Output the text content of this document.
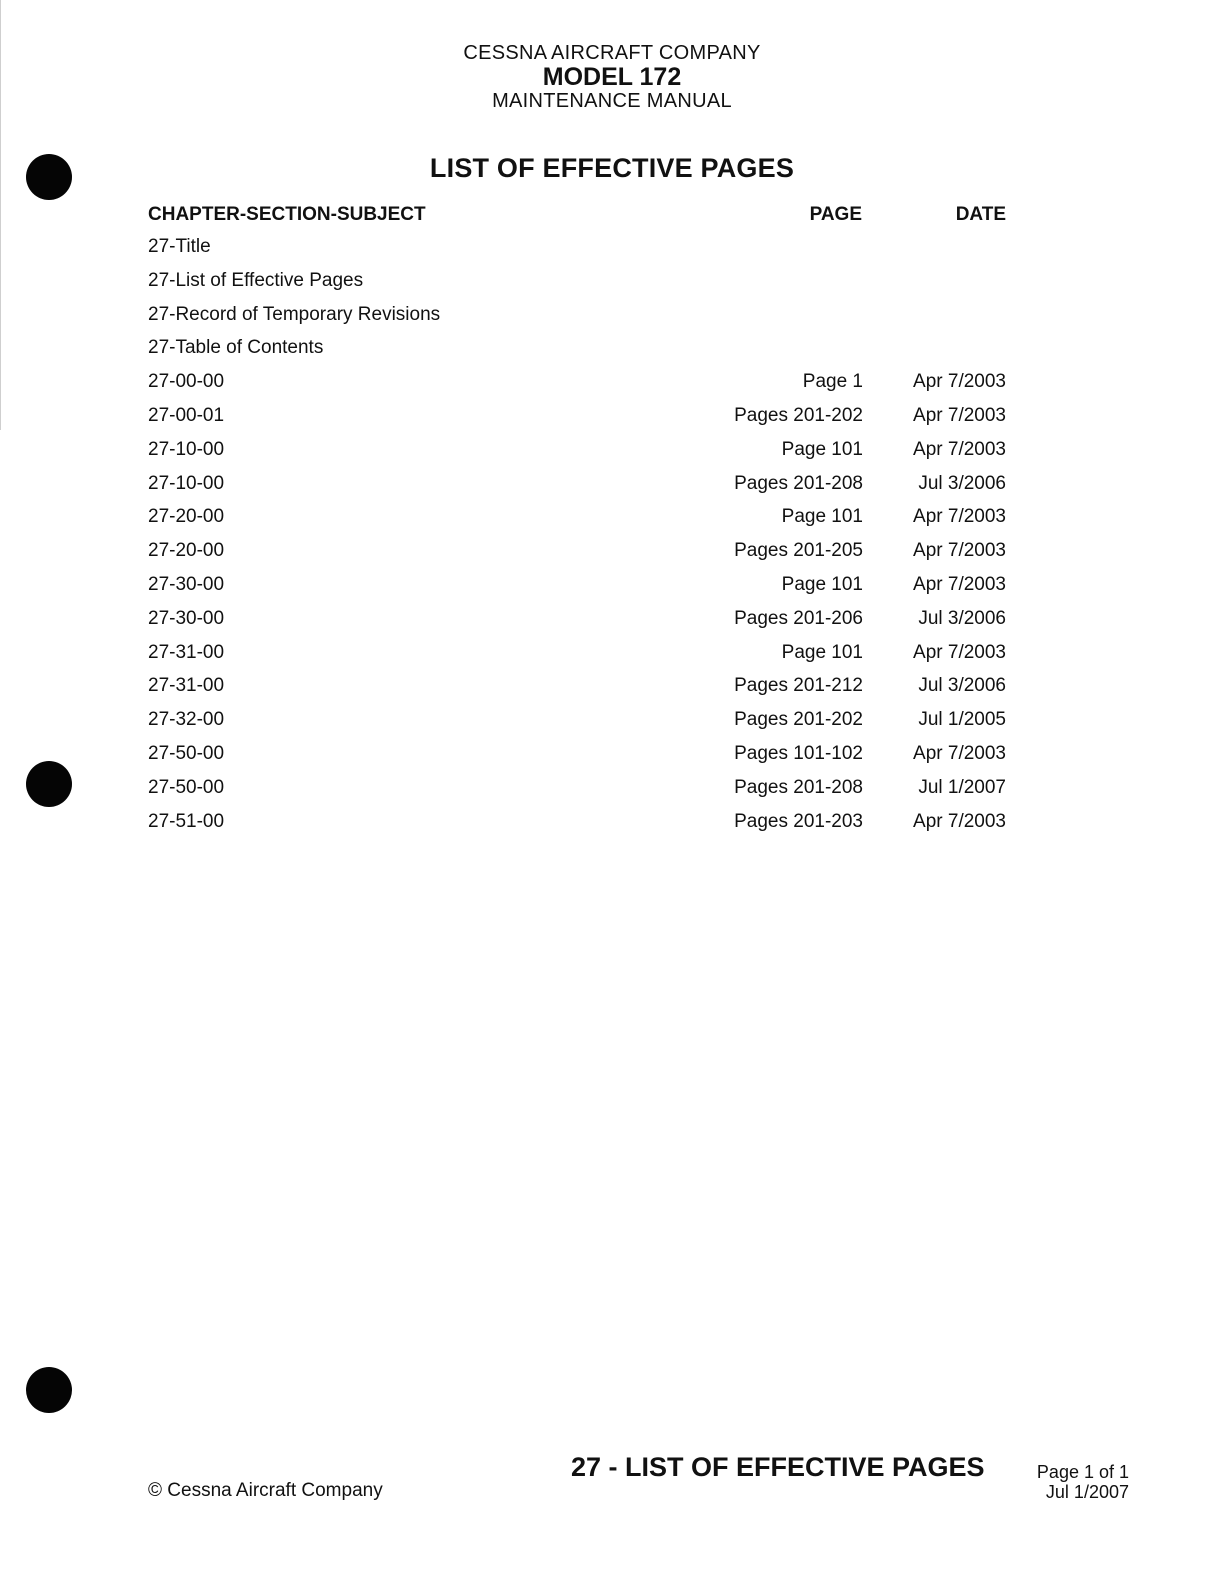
CESSNA AIRCRAFT COMPANY
MODEL 172
MAINTENANCE MANUAL
LIST OF EFFECTIVE PAGES
CHAPTER-SECTION-SUBJECT	PAGE	DATE
27-Title
27-List of Effective Pages
27-Record of Temporary Revisions
27-Table of Contents
27-00-00	Page 1	Apr 7/2003
27-00-01	Pages 201-202	Apr 7/2003
27-10-00	Page 101	Apr 7/2003
27-10-00	Pages 201-208	Jul 3/2006
27-20-00	Page 101	Apr 7/2003
27-20-00	Pages 201-205	Apr 7/2003
27-30-00	Page 101	Apr 7/2003
27-30-00	Pages 201-206	Jul 3/2006
27-31-00	Page 101	Apr 7/2003
27-31-00	Pages 201-212	Jul 3/2006
27-32-00	Pages 201-202	Jul 1/2005
27-50-00	Pages 101-102	Apr 7/2003
27-50-00	Pages 201-208	Jul 1/2007
27-51-00	Pages 201-203	Apr 7/2003
© Cessna Aircraft Company
27 - LIST OF EFFECTIVE PAGES	Page 1 of 1
Jul 1/2007
